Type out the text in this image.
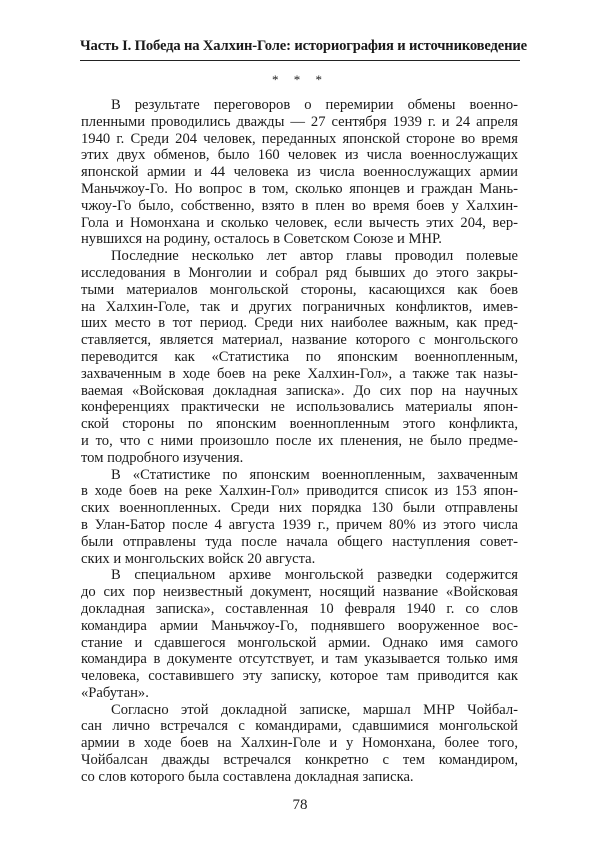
Часть I. Победа на Халхин-Голе: историография и источниковедение
* * *
В результате переговоров о перемирии обмены военно-
пленными проводились дважды — 27 сентября 1939 г. и 24 апреля
1940 г. Среди 204 человек, переданных японской стороне во время
этих двух обменов, было 160 человек из числа военнослужащих
японской армии и 44 человека из числа военнослужащих армии
Маньчжоу-Го. Но вопрос в том, сколько японцев и граждан Мань-
чжоу-Го было, собственно, взято в плен во время боев у Халхин-
Гола и Номонхана и сколько человек, если вычесть этих 204, вер-
нувшихся на родину, осталось в Советском Союзе и МНР.
Последние несколько лет автор главы проводил полевые
исследования в Монголии и собрал ряд бывших до этого закры-
тыми материалов монгольской стороны, касающихся как боев
на Халхин-Голе, так и других пограничных конфликтов, имев-
ших место в тот период. Среди них наиболее важным, как пред-
ставляется, является материал, название которого с монгольского
переводится как «Статистика по японским военнопленным,
захваченным в ходе боев на реке Халхин-Гол», а также так назы-
ваемая «Войсковая докладная записка». До сих пор на научных
конференциях практически не использовались материалы япон-
ской стороны по японским военнопленным этого конфликта,
и то, что с ними произошло после их пленения, не было предме-
том подробного изучения.
В «Статистике по японским военнопленным, захваченным
в ходе боев на реке Халхин-Гол» приводится список из 153 япон-
ских военнопленных. Среди них порядка 130 были отправлены
в Улан-Батор после 4 августа 1939 г., причем 80% из этого числа
были отправлены туда после начала общего наступления совет-
ских и монгольских войск 20 августа.
В специальном архиве монгольской разведки содержится
до сих пор неизвестный документ, носящий название «Войсковая
докладная записка», составленная 10 февраля 1940 г. со слов
командира армии Маньчжоу-Го, поднявшего вооруженное вос-
стание и сдавшегося монгольской армии. Однако имя самого
командира в документе отсутствует, и там указывается только имя
человека, составившего эту записку, которое там приводится как
«Рабутан».
Согласно этой докладной записке, маршал МНР Чойбал-
сан лично встречался с командирами, сдавшимися монгольской
армии в ходе боев на Халхин-Голе и у Номонхана, более того,
Чойбалсан дважды встречался конкретно с тем командиром,
со слов которого была составлена докладная записка.
78
